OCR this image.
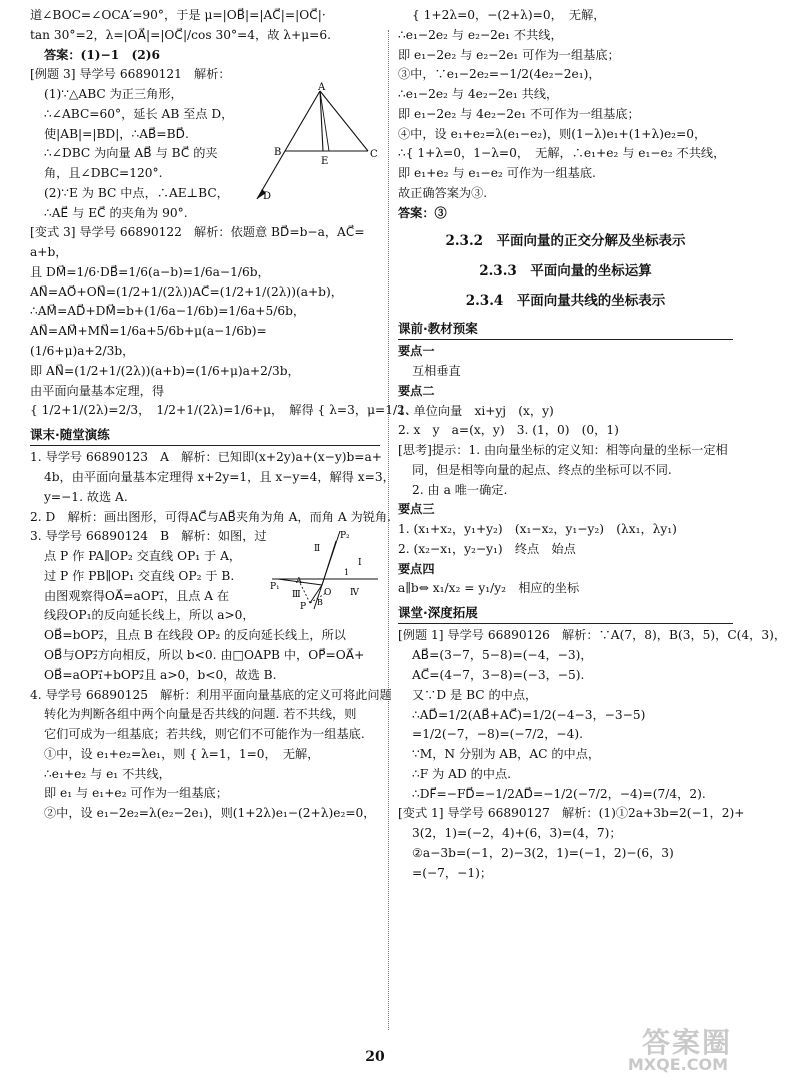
道∠BOC=∠OCA′=90°，于是 μ=|OB⃗|=|AC⃗|=|OC⃗|·
tan 30°=2，λ=|OA⃗|=|OC⃗|/cos 30°=4，故 λ+μ=6.
答案：(1)−1　(2)6
[例题 3] 导学号 66890121　解析：
(1)∵△ABC 为正三角形，
∴∠ABC=60°，延长 AB 至点 D，
使|AB|=|BD|，∴AB⃗=BD⃗.
∴∠DBC 为向量 AB⃗ 与 BC⃗ 的夹
角，且∠DBC=120°.
(2)∵E 为 BC 中点，∴AE⊥BC，
∴AE⃗ 与 EC⃗ 的夹角为 90°.
A
B	C
E
D
[变式 3] 导学号 66890122　解析：依题意 BD⃗=b−a，AC⃗=
a+b，
且 DM⃗=1/6·DB⃗=1/6(a−b)=1/6a−1/6b，
AN⃗=AO⃗+ON⃗=(1/2+1/(2λ))AC⃗=(1/2+1/(2λ))(a+b)，
∴AM⃗=AD⃗+DM⃗=b+(1/6a−1/6b)=1/6a+5/6b，
AN⃗=AM⃗+MN⃗=1/6a+5/6b+μ(a−1/6b)=
(1/6+μ)a+2/3b，
即 AN⃗=(1/2+1/(2λ))(a+b)=(1/6+μ)a+2/3b，
由平面向量基本定理，得
{ 1/2+1/(2λ)=2/3，　1/2+1/(2λ)=1/6+μ，　解得 { λ=3，μ=1/2.
课末·随堂演练
1. 导学号 66890123　A　解析：已知即(x+2y)a+(x−y)b=a+
4b，由平面向量基本定理得 x+2y=1，且 x−y=4，解得 x=3，
y=−1. 故选 A.
2. D　解析：画出图形，可得AC⃗与AB⃗夹角为角 A，而角 A 为锐角.
3. 导学号 66890124　B　解析：如图，过
点 P 作 PA∥OP₂ 交直线 OP₁ 于 A，
过 P 作 PB∥OP₁ 交直线 OP₂ 于 B.
由图观察得OA⃗=aOP₁⃗，且点 A 在
线段OP₁的反向延长线上，所以 a>0，
P₂
P₁
P
O
A
B
Ⅱ
Ⅰ
Ⅲ	Ⅳ
1
OB⃗=bOP₂⃗，且点 B 在线段 OP₂ 的反向延长线上，所以
OB⃗与OP₂⃗方向相反，所以 b<0. 由□OAPB 中，OP⃗=OA⃗+
OB⃗=aOP₁⃗+bOP₂⃗且 a>0，b<0，故选 B.
4. 导学号 66890125　解析：利用平面向量基底的定义可将此问题
转化为判断各组中两个向量是否共线的问题. 若不共线，则
它们可成为一组基底；若共线，则它们不可能作为一组基底.
①中，设 e₁+e₂=λe₁，则 { λ=1，1=0，　无解，
∴e₁+e₂ 与 e₁ 不共线，
即 e₁ 与 e₁+e₂ 可作为一组基底；
②中，设 e₁−2e₂=λ(e₂−2e₁)，则(1+2λ)e₁−(2+λ)e₂=0，
{ 1+2λ=0，−(2+λ)=0，　无解，
∴e₁−2e₂ 与 e₂−2e₁ 不共线，
即 e₁−2e₂ 与 e₂−2e₁ 可作为一组基底；
③中，∵e₁−2e₂=−1/2(4e₂−2e₁)，
∴e₁−2e₂ 与 4e₂−2e₁ 共线，
即 e₁−2e₂ 与 4e₂−2e₁ 不可作为一组基底；
④中，设 e₁+e₂=λ(e₁−e₂)，则(1−λ)e₁+(1+λ)e₂=0，
∴{ 1+λ=0，1−λ=0，　无解，∴e₁+e₂ 与 e₁−e₂ 不共线，
即 e₁+e₂ 与 e₁−e₂ 可作为一组基底.
故正确答案为③.
答案：③
2.3.2　平面向量的正交分解及坐标表示
2.3.3　平面向量的坐标运算
2.3.4　平面向量共线的坐标表示
课前·教材预案
要点一
互相垂直
要点二
1. 单位向量　xi+yj　(x，y)
2. x　y　a=(x，y)　3. (1，0)　(0，1)
[思考]提示：1. 由向量坐标的定义知：相等向量的坐标一定相
同，但是相等向量的起点、终点的坐标可以不同.
2. 由 a 唯一确定.
要点三
1. (x₁+x₂，y₁+y₂)　(x₁−x₂，y₁−y₂)　(λx₁，λy₁)
2. (x₂−x₁，y₂−y₁)　终点　始点
要点四
a∥b⇔ x₁/x₂ = y₁/y₂　相应的坐标
课堂·深度拓展
[例题 1] 导学号 66890126　解析：∵A(7，8)，B(3，5)，C(4，3)，
AB⃗=(3−7，5−8)=(−4，−3)，
AC⃗=(4−7，3−8)=(−3，−5).
又∵D 是 BC 的中点，
∴AD⃗=1/2(AB⃗+AC⃗)=1/2(−4−3，−3−5)
=1/2(−7，−8)=(−7/2，−4).
∵M，N 分别为 AB，AC 的中点，
∴F 为 AD 的中点.
∴DF⃗=−FD⃗=−1/2AD⃗=−1/2(−7/2，−4)=(7/4，2).
[变式 1] 导学号 66890127　解析：(1)①2a+3b=2(−1，2)+
3(2，1)=(−2，4)+(6，3)=(4，7)；
②a−3b=(−1，2)−3(2，1)=(−1，2)−(6，3)
=(−7，−1)；
20	答案圈
MXQE.COM
